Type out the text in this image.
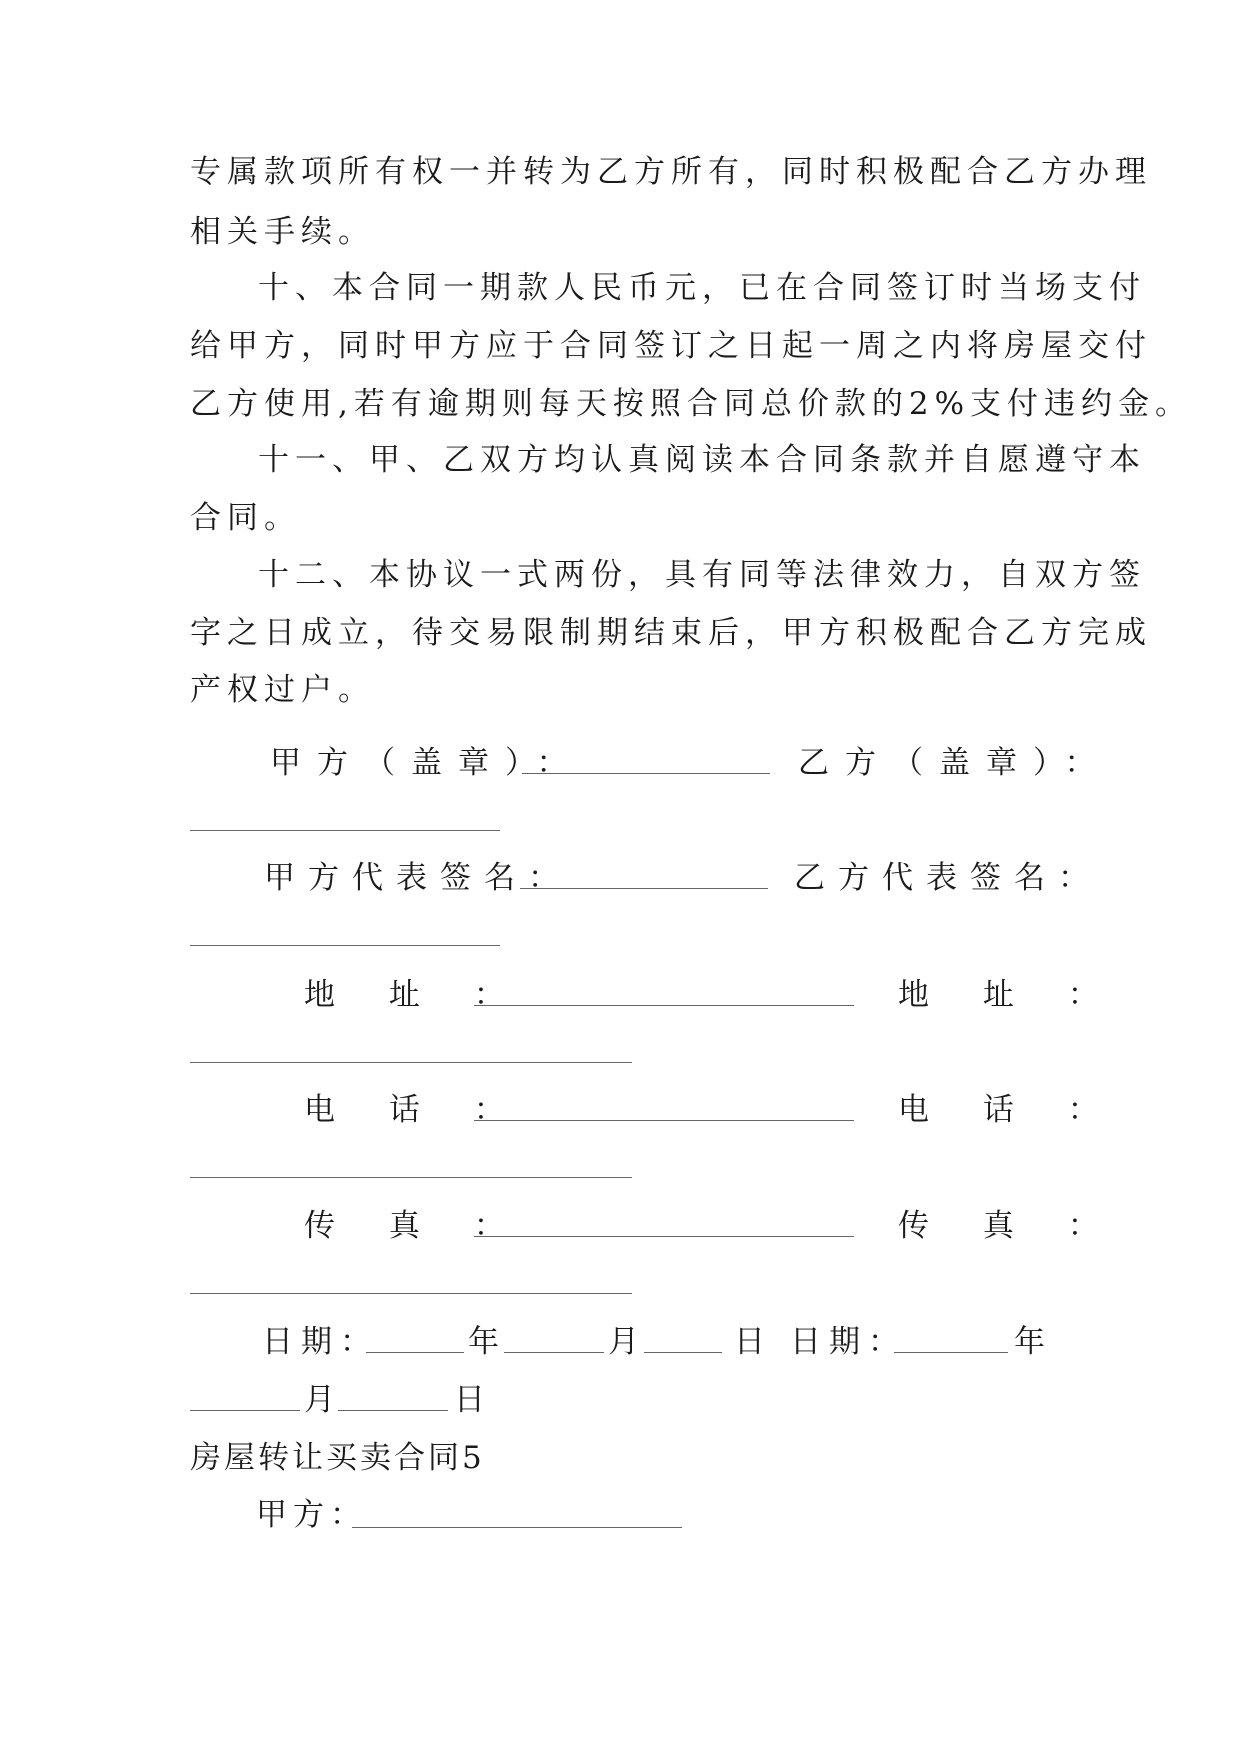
专属款项所有权一并转为乙方所有，同时积极配合乙方办理
相关手续。
十、本合同一期款人民币元，已在合同签订时当场支付
给甲方，同时甲方应于合同签订之日起一周之内将房屋交付
乙方使用,若有逾期则每天按照合同总价款的2%支付违约金。
十一、甲、乙双方均认真阅读本合同条款并自愿遵守本
合同。
十二、本协议一式两份，具有同等法律效力，自双方签
字之日成立，待交易限制期结束后，甲方积极配合乙方完成
产权过户。
甲方（盖章）：	乙方（盖章）：
甲方代表签名：	乙方代表签名：
地 址 ：	地 址 ：
电 话 ：	电 话 ：
传 真 ：	传 真 ：
日期：	年	月	日 日期：	年
月	日
房屋转让买卖合同5
甲方：
